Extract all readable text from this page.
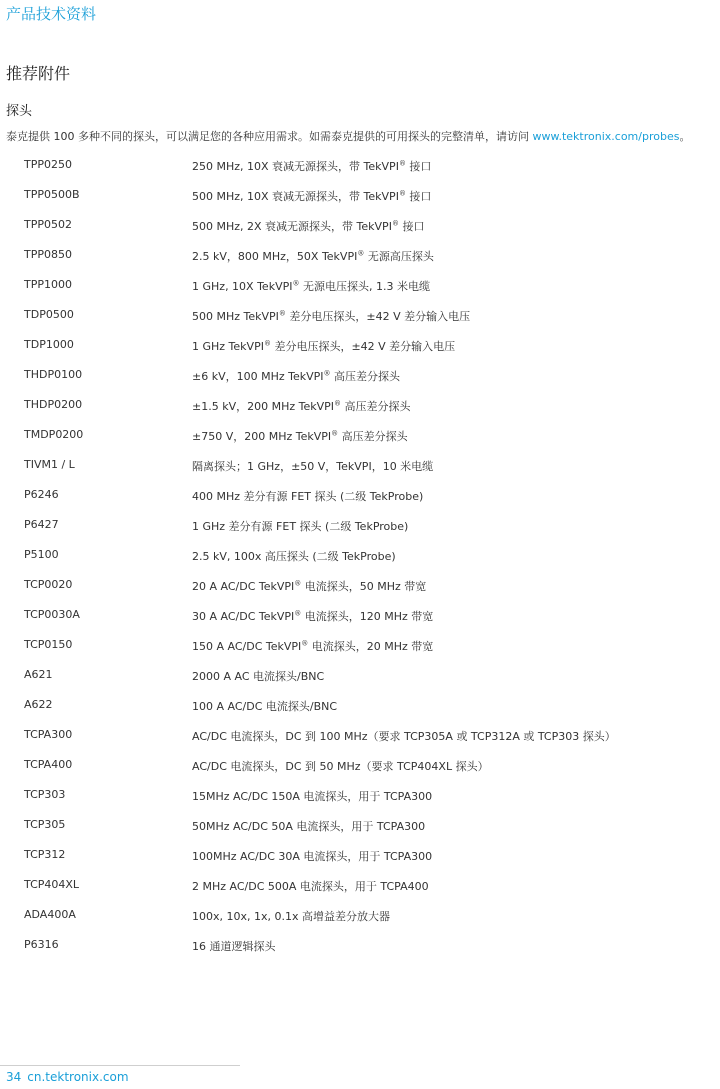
产品技术资料
推荐附件
探头

泰克提供 100 多种不同的探头，可以满足您的各种应用需求。如需泰克提供的可用探头的完整清单，请访问 www.tektronix.com/probes。

TPP0250	250 MHz, 10X 衰减无源探头，带 TekVPI® 接口
TPP0500B	500 MHz, 10X 衰减无源探头，带 TekVPI® 接口
TPP0502	500 MHz, 2X 衰减无源探头，带 TekVPI® 接口
TPP0850	2.5 kV，800 MHz，50X TekVPI® 无源高压探头
TPP1000	1 GHz, 10X TekVPI® 无源电压探头, 1.3 米电缆
TDP0500	500 MHz TekVPI® 差分电压探头，±42 V 差分输入电压
TDP1000	1 GHz TekVPI® 差分电压探头，±42 V 差分输入电压
THDP0100	±6 kV，100 MHz TekVPI® 高压差分探头
THDP0200	±1.5 kV，200 MHz TekVPI® 高压差分探头
TMDP0200	±750 V，200 MHz TekVPI® 高压差分探头
TIVM1 / L	隔离探头；1 GHz，±50 V，TekVPI，10 米电缆
P6246	400 MHz 差分有源 FET 探头 (二级 TekProbe)
P6427	1 GHz 差分有源 FET 探头 (二级 TekProbe)
P5100	2.5 kV, 100x 高压探头 (二级 TekProbe)
TCP0020	20 A AC/DC TekVPI® 电流探头，50 MHz 带宽
TCP0030A	30 A AC/DC TekVPI® 电流探头，120 MHz 带宽
TCP0150	150 A AC/DC TekVPI® 电流探头，20 MHz 带宽
A621	2000 A AC 电流探头/BNC
A622	100 A AC/DC 电流探头/BNC
TCPA300	AC/DC 电流探头，DC 到 100 MHz（要求 TCP305A 或 TCP312A 或 TCP303 探头）
TCPA400	AC/DC 电流探头，DC 到 50 MHz（要求 TCP404XL 探头）
TCP303	15MHz AC/DC 150A 电流探头，用于 TCPA300
TCP305	50MHz AC/DC 50A 电流探头，用于 TCPA300
TCP312	100MHz AC/DC 30A 电流探头，用于 TCPA300
TCP404XL	2 MHz AC/DC 500A 电流探头，用于 TCPA400
ADA400A	100x, 10x, 1x, 0.1x 高增益差分放大器
P6316	16 通道逻辑探头
34 cn.tektronix.com
